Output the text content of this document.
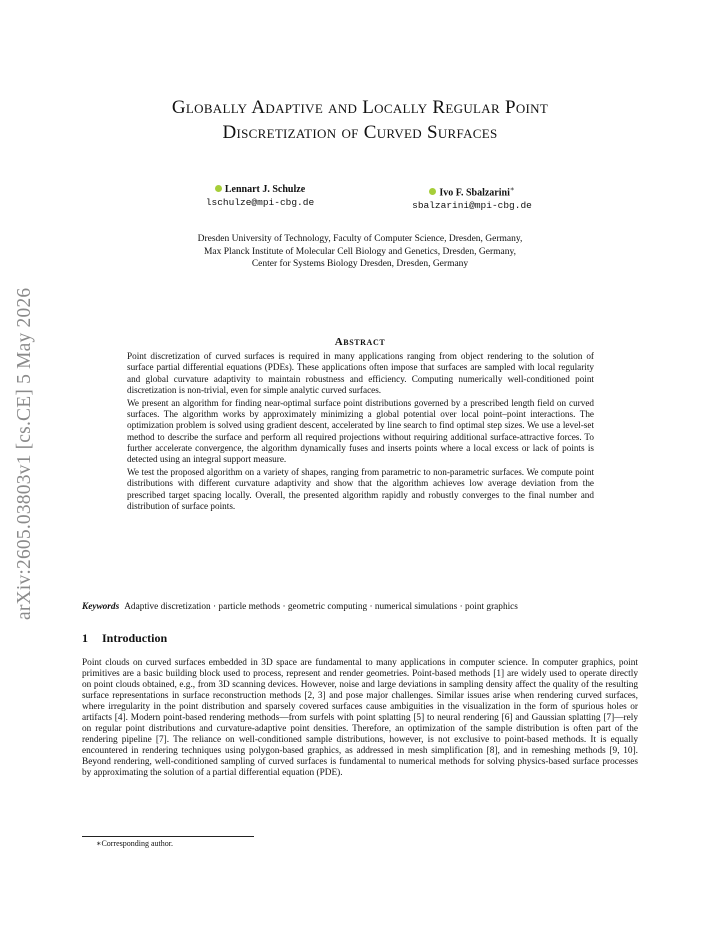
arXiv:2605.03803v1 [cs.CE] 5 May 2026
Globally Adaptive and Locally Regular Point
Discretization of Curved Surfaces
Lennart J. Schulze
lschulze@mpi-cbg.de
Ivo F. Sbalzarini∗
sbalzarini@mpi-cbg.de
Dresden University of Technology, Faculty of Computer Science, Dresden, Germany,
Max Planck Institute of Molecular Cell Biology and Genetics, Dresden, Germany,
Center for Systems Biology Dresden, Dresden, Germany
Abstract

Point discretization of curved surfaces is required in many applications ranging from object rendering to the solution of surface partial differential equations (PDEs). These applications often impose that surfaces are sampled with local regularity and global curvature adaptivity to maintain robustness and efficiency. Computing numerically well-conditioned point discretization is non-trivial, even for simple analytic curved surfaces.

We present an algorithm for finding near-optimal surface point distributions governed by a prescribed length field on curved surfaces. The algorithm works by approximately minimizing a global potential over local point–point interactions. The optimization problem is solved using gradient descent, accelerated by line search to find optimal step sizes. We use a level-set method to describe the surface and perform all required projections without requiring additional surface-attractive forces. To further accelerate convergence, the algorithm dynamically fuses and inserts points where a local excess or lack of points is detected using an integral support measure.

We test the proposed algorithm on a variety of shapes, ranging from parametric to non-parametric surfaces. We compute point distributions with different curvature adaptivity and show that the algorithm achieves low average deviation from the prescribed target spacing locally. Overall, the presented algorithm rapidly and robustly converges to the final number and distribution of surface points.

Keywords Adaptive discretization · particle methods · geometric computing · numerical simulations · point graphics
1 Introduction

Point clouds on curved surfaces embedded in 3D space are fundamental to many applications in computer science. In computer graphics, point primitives are a basic building block used to process, represent and render geometries. Point-based methods [1] are widely used to operate directly on point clouds obtained, e.g., from 3D scanning devices. However, noise and large deviations in sampling density affect the quality of the resulting surface representations in surface reconstruction methods [2, 3] and pose major challenges. Similar issues arise when rendering curved surfaces, where irregularity in the point distribution and sparsely covered surfaces cause ambiguities in the visualization in the form of spurious holes or artifacts [4]. Modern point-based rendering methods—from surfels with point splatting [5] to neural rendering [6] and Gaussian splatting [7]—rely on regular point distributions and curvature-adaptive point densities. Therefore, an optimization of the sample distribution is often part of the rendering pipeline [7]. The reliance on well-conditioned sample distributions, however, is not exclusive to point-based methods. It is equally encountered in rendering techniques using polygon-based graphics, as addressed in mesh simplification [8], and in remeshing methods [9, 10]. Beyond rendering, well-conditioned sampling of curved surfaces is fundamental to numerical methods for solving physics-based surface processes by approximating the solution of a partial differential equation (PDE).

∗Corresponding author.
